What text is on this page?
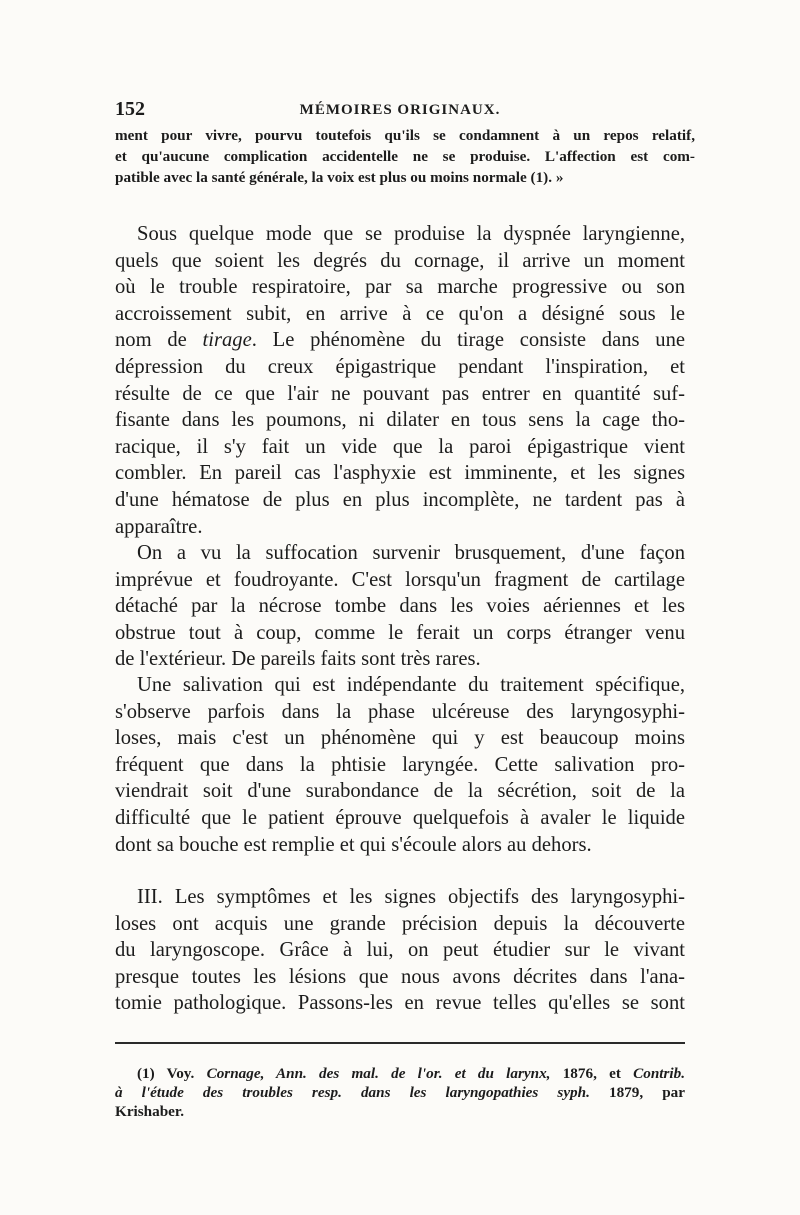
152	MÉMOIRES ORIGINAUX.
ment pour vivre, pourvu toutefois qu'ils se condamnent à un repos relatif,
et qu'aucune complication accidentelle ne se produise. L'affection est com-
patible avec la santé générale, la voix est plus ou moins normale (1). »
Sous quelque mode que se produise la dyspnée laryngienne,
quels que soient les degrés du cornage, il arrive un moment
où le trouble respiratoire, par sa marche progressive ou son
accroissement subit, en arrive à ce qu'on a désigné sous le
nom de tirage. Le phénomène du tirage consiste dans une
dépression du creux épigastrique pendant l'inspiration, et
résulte de ce que l'air ne pouvant pas entrer en quantité suf-
fisante dans les poumons, ni dilater en tous sens la cage tho-
racique, il s'y fait un vide que la paroi épigastrique vient
combler. En pareil cas l'asphyxie est imminente, et les signes
d'une hématose de plus en plus incomplète, ne tardent pas à
apparaître.
On a vu la suffocation survenir brusquement, d'une façon
imprévue et foudroyante. C'est lorsqu'un fragment de cartilage
détaché par la nécrose tombe dans les voies aériennes et les
obstrue tout à coup, comme le ferait un corps étranger venu
de l'extérieur. De pareils faits sont très rares.
Une salivation qui est indépendante du traitement spécifique,
s'observe parfois dans la phase ulcéreuse des laryngosyphi-
loses, mais c'est un phénomène qui y est beaucoup moins
fréquent que dans la phtisie laryngée. Cette salivation pro-
viendrait soit d'une surabondance de la sécrétion, soit de la
difficulté que le patient éprouve quelquefois à avaler le liquide
dont sa bouche est remplie et qui s'écoule alors au dehors.
III. Les symptômes et les signes objectifs des laryngosyphi-
loses ont acquis une grande précision depuis la découverte
du laryngoscope. Grâce à lui, on peut étudier sur le vivant
presque toutes les lésions que nous avons décrites dans l'ana-
tomie pathologique. Passons-les en revue telles qu'elles se sont
(1) Voy. Cornage, Ann. des mal. de l'or. et du larynx, 1876, et Contrib.
à l'étude des troubles resp. dans les laryngopathies syph. 1879, par
Krishaber.
